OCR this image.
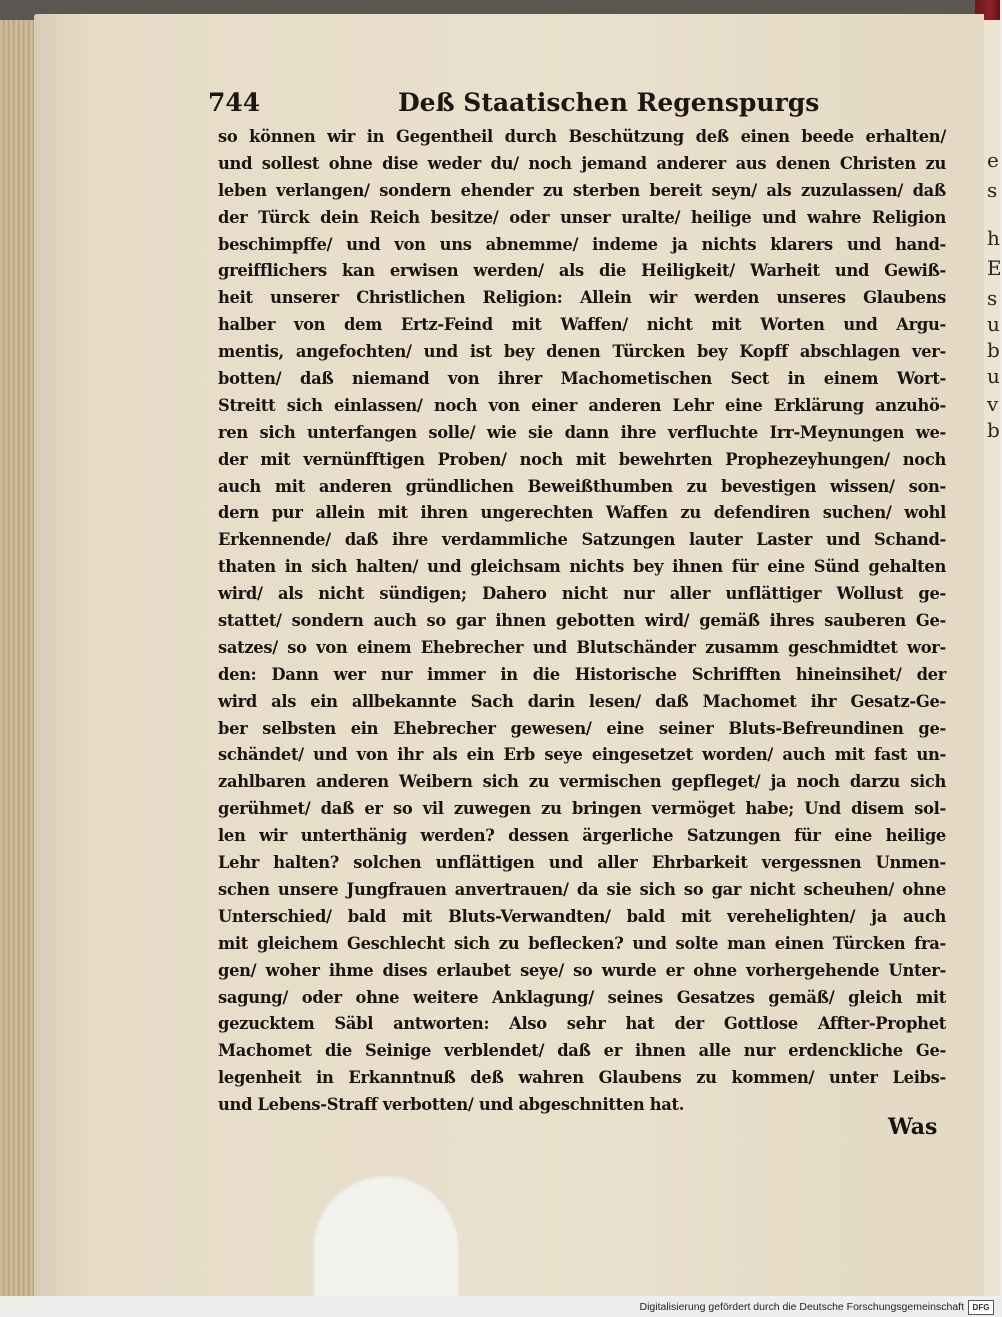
e
s
h
E
s
u
b
u
v
b
744	Deß Staatischen Regenspurgs
so können wir in Gegentheil durch Beschützung deß einen beede erhalten/
und sollest ohne dise weder du/ noch jemand anderer aus denen Christen zu
leben verlangen/ sondern ehender zu sterben bereit seyn/ als zuzulassen/ daß
der Türck dein Reich besitze/ oder unser uralte/ heilige und wahre Religion
beschimpffe/ und von uns abnemme/ indeme ja nichts klarers und hand-
greifflichers kan erwisen werden/ als die Heiligkeit/ Warheit und Gewiß-
heit unserer Christlichen Religion: Allein wir werden unseres Glaubens
halber von dem Ertz-Feind mit Waffen/ nicht mit Worten und Argu-
mentis, angefochten/ und ist bey denen Türcken bey Kopff abschlagen ver-
botten/ daß niemand von ihrer Machometischen Sect in einem Wort-
Streitt sich einlassen/ noch von einer anderen Lehr eine Erklärung anzuhö-
ren sich unterfangen solle/ wie sie dann ihre verfluchte Irr-Meynungen we-
der mit vernünfftigen Proben/ noch mit bewehrten Prophezeyhungen/ noch
auch mit anderen gründlichen Beweißthumben zu bevestigen wissen/ son-
dern pur allein mit ihren ungerechten Waffen zu defendiren suchen/ wohl
Erkennende/ daß ihre verdammliche Satzungen lauter Laster und Schand-
thaten in sich halten/ und gleichsam nichts bey ihnen für eine Sünd gehalten
wird/ als nicht sündigen; Dahero nicht nur aller unflättiger Wollust ge-
stattet/ sondern auch so gar ihnen gebotten wird/ gemäß ihres sauberen Ge-
satzes/ so von einem Ehebrecher und Blutschänder zusamm geschmidtet wor-
den: Dann wer nur immer in die Historische Schrifften hineinsihet/ der
wird als ein allbekannte Sach darin lesen/ daß Machomet ihr Gesatz-Ge-
ber selbsten ein Ehebrecher gewesen/ eine seiner Bluts-Befreundinen ge-
schändet/ und von ihr als ein Erb seye eingesetzet worden/ auch mit fast un-
zahlbaren anderen Weibern sich zu vermischen gepfleget/ ja noch darzu sich
gerühmet/ daß er so vil zuwegen zu bringen vermöget habe; Und disem sol-
len wir unterthänig werden? dessen ärgerliche Satzungen für eine heilige
Lehr halten? solchen unflättigen und aller Ehrbarkeit vergessnen Unmen-
schen unsere Jungfrauen anvertrauen/ da sie sich so gar nicht scheuhen/ ohne
Unterschied/ bald mit Bluts-Verwandten/ bald mit verehelighten/ ja auch
mit gleichem Geschlecht sich zu beflecken? und solte man einen Türcken fra-
gen/ woher ihme dises erlaubet seye/ so wurde er ohne vorhergehende Unter-
sagung/ oder ohne weitere Anklagung/ seines Gesatzes gemäß/ gleich mit
gezucktem Säbl antworten: Also sehr hat der Gottlose Affter-Prophet
Machomet die Seinige verblendet/ daß er ihnen alle nur erdenckliche Ge-
legenheit in Erkanntnuß deß wahren Glaubens zu kommen/ unter Leibs-
und Lebens-Straff verbotten/ und abgeschnitten hat.
Was
Digitalisierung gefördert durch die Deutsche Forschungsgemeinschaft	DFG
